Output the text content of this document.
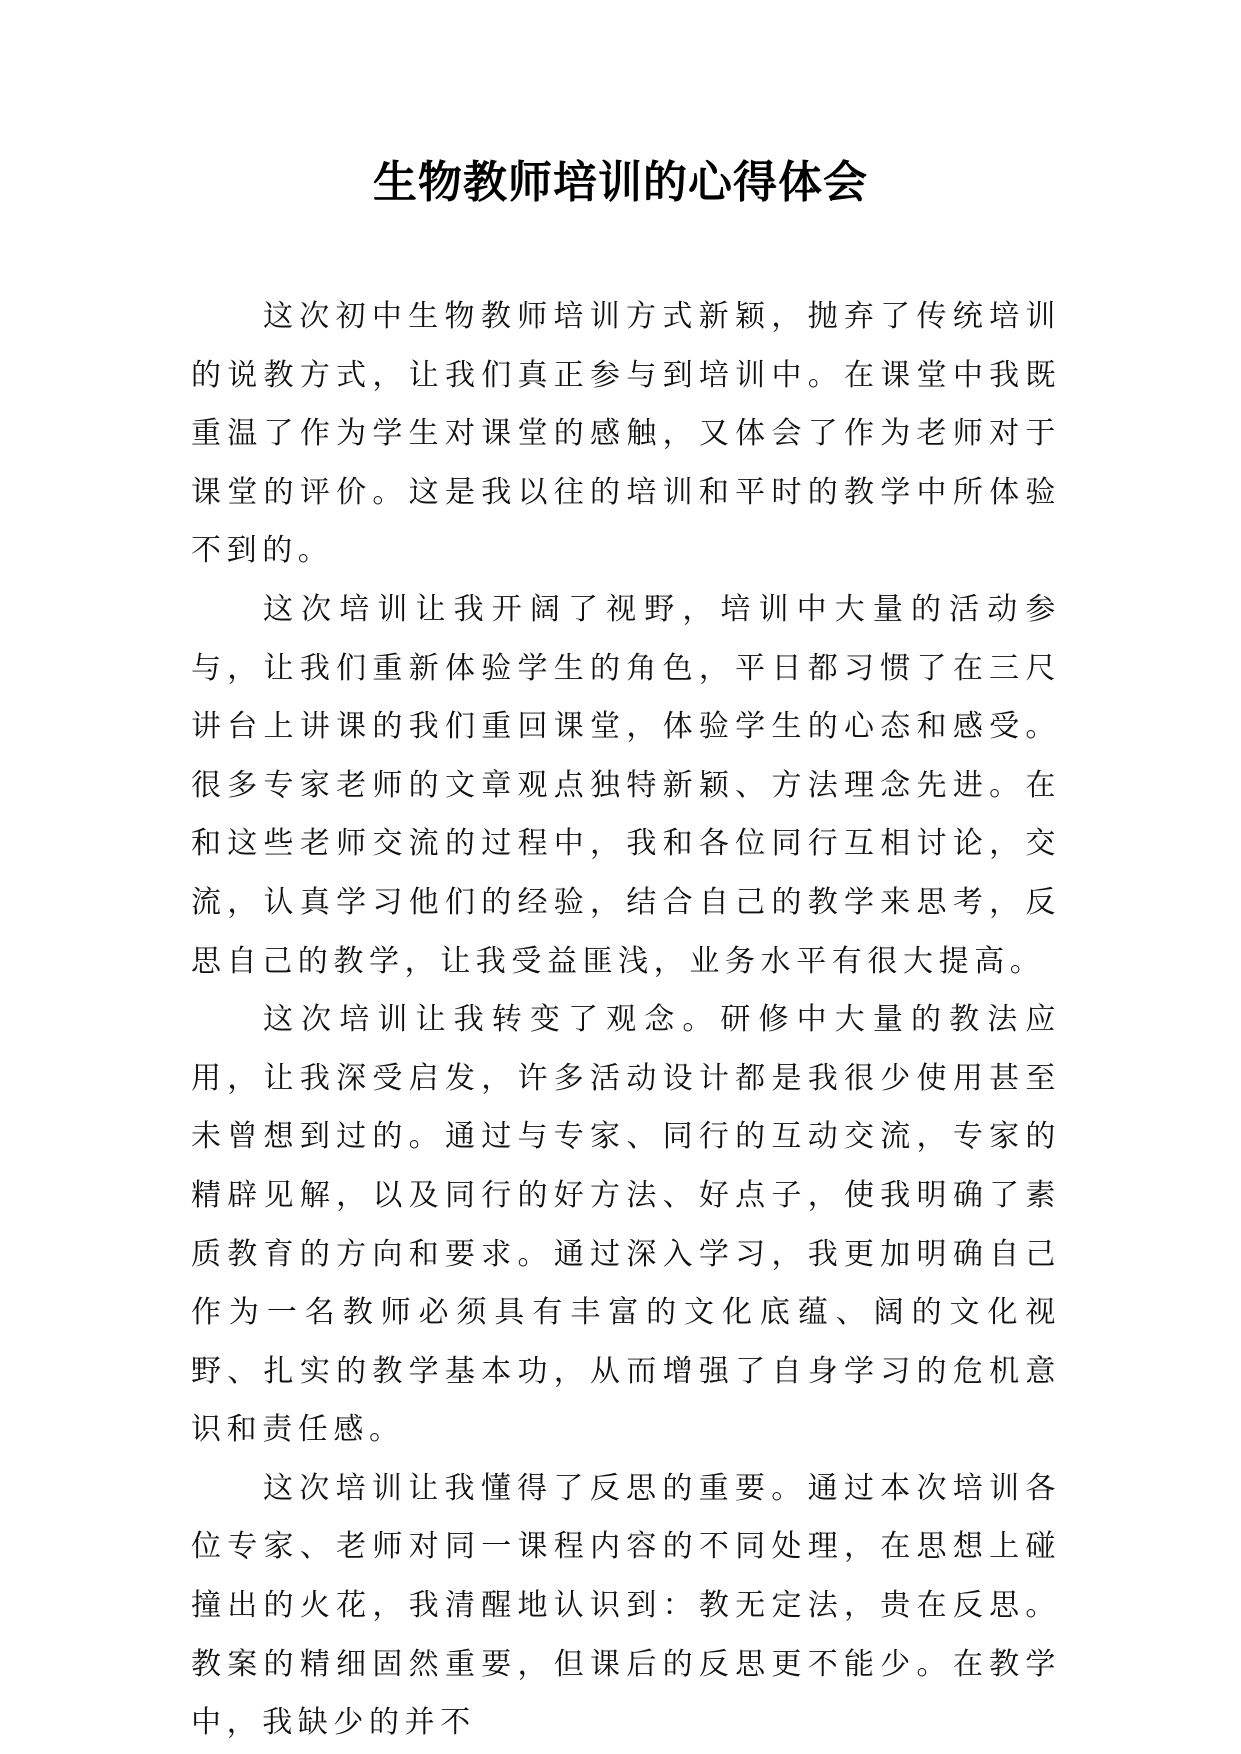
生物教师培训的心得体会

这次初中生物教师培训方式新颖，抛弃了传统培训的说教方式，让我们真正参与到培训中。在课堂中我既重温了作为学生对课堂的感触，又体会了作为老师对于课堂的评价。这是我以往的培训和平时的教学中所体验不到的。

这次培训让我开阔了视野，培训中大量的活动参与，让我们重新体验学生的角色，平日都习惯了在三尺讲台上讲课的我们重回课堂，体验学生的心态和感受。很多专家老师的文章观点独特新颖、方法理念先进。在和这些老师交流的过程中，我和各位同行互相讨论，交流，认真学习他们的经验，结合自己的教学来思考，反思自己的教学，让我受益匪浅，业务水平有很大提高。

这次培训让我转变了观念。研修中大量的教法应用，让我深受启发，许多活动设计都是我很少使用甚至未曾想到过的。通过与专家、同行的互动交流，专家的精辟见解，以及同行的好方法、好点子，使我明确了素质教育的方向和要求。通过深入学习，我更加明确自己作为一名教师必须具有丰富的文化底蕴、阔的文化视野、扎实的教学基本功，从而增强了自身学习的危机意识和责任感。

这次培训让我懂得了反思的重要。通过本次培训各位专家、老师对同一课程内容的不同处理，在思想上碰撞出的火花，我清醒地认识到：教无定法，贵在反思。教案的精细固然重要，但课后的反思更不能少。在教学中，我缺少的并不
